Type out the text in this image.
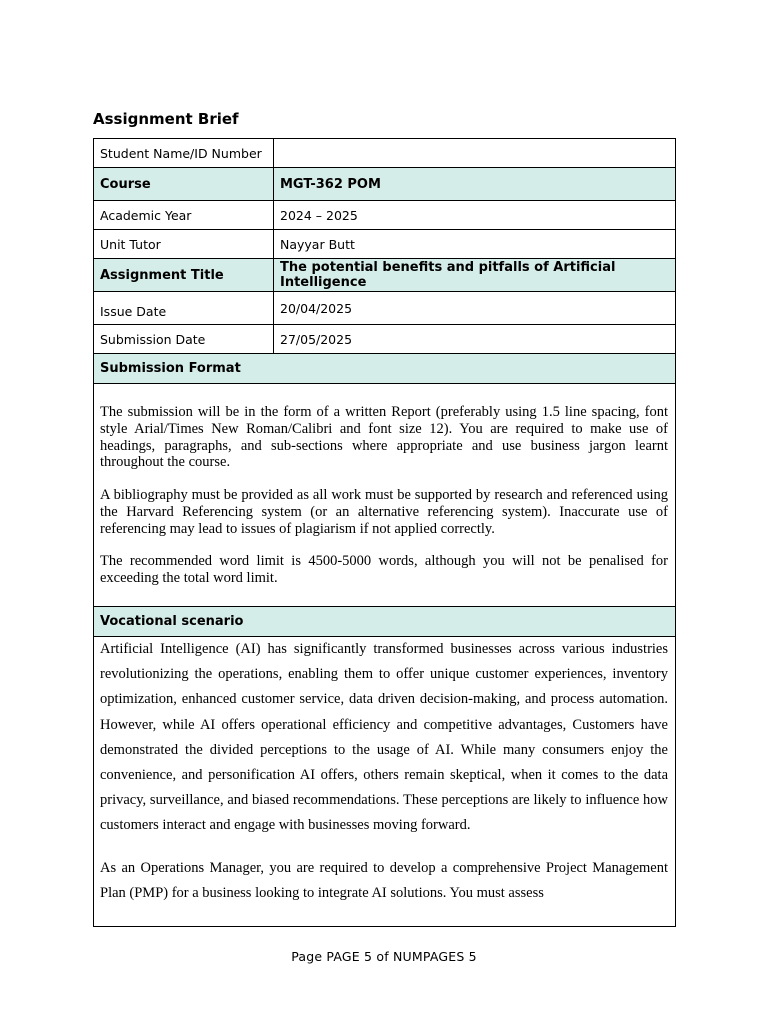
Assignment Brief
Student Name/ID Number	
Course	MGT-362 POM
Academic Year	2024 – 2025
Unit Tutor	Nayyar Butt
Assignment Title	The potential benefits and pitfalls of Artificial Intelligence
Issue Date	20/04/2025
Submission Date	27/05/2025
Submission Format	

The submission will be in the form of a written Report (preferably using 1.5 line spacing, font style Arial/Times New Roman/Calibri and font size 12). You are required to make use of headings, paragraphs, and sub-sections where appropriate and use business jargon learnt throughout the course.

A bibliography must be provided as all work must be supported by research and referenced using the Harvard Referencing system (or an alternative referencing system). Inaccurate use of referencing may lead to issues of plagiarism if not applied correctly.

The recommended word limit is 4500-5000 words, although you will not be penalised for exceeding the total word limit.	

Vocational scenario	

Artificial Intelligence (AI) has significantly transformed businesses across various industries revolutionizing the operations, enabling them to offer unique customer experiences, inventory optimization, enhanced customer service, data driven decision-making, and process automation. However, while AI offers operational efficiency and competitive advantages, Customers have demonstrated the divided perceptions to the usage of AI. While many consumers enjoy the convenience, and personification AI offers, others remain skeptical, when it comes to the data privacy, surveillance, and biased recommendations. These perceptions are likely to influence how customers interact and engage with businesses moving forward.

As an Operations Manager, you are required to develop a comprehensive Project Management Plan (PMP) for a business looking to integrate AI solutions. You must assess	

Page PAGE 5 of NUMPAGES 5
